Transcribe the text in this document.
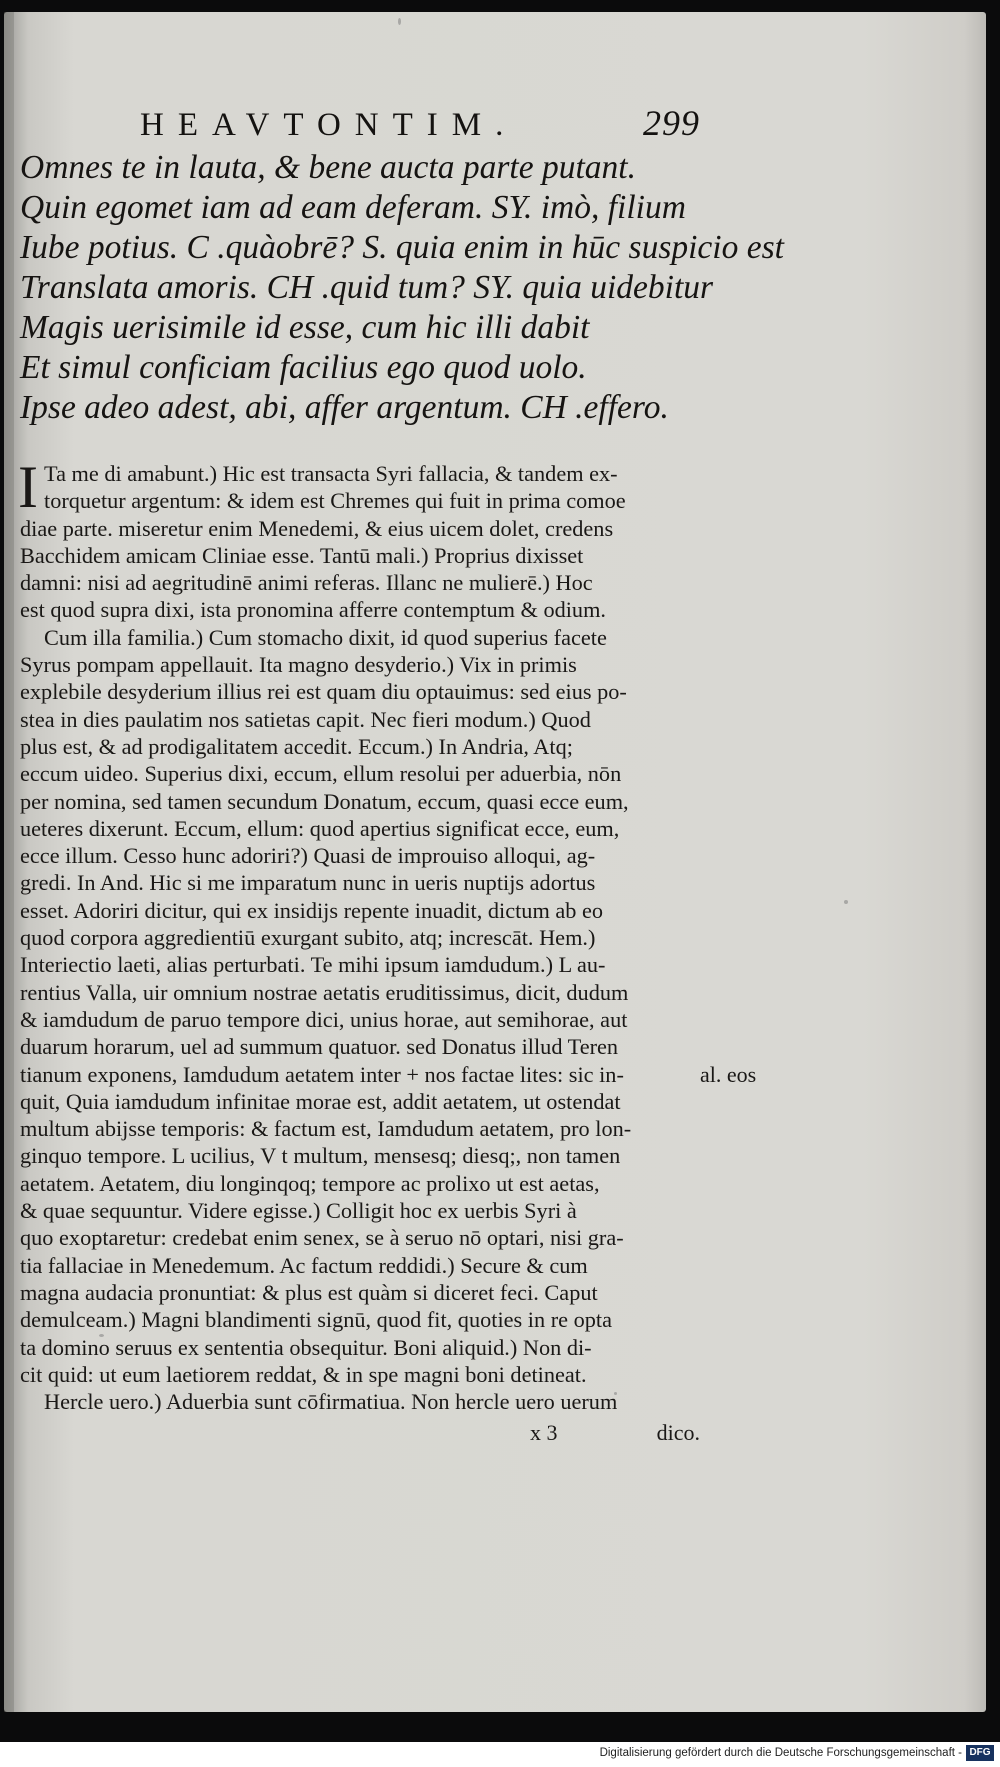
HEAVTONTIM.	299
Omnes te in lauta, & bene aucta parte putant.
Quin egomet iam ad eam deferam. SY. imò, filium
Iube potius. C .quàobrē? S. quia enim in hūc suspicio est
Translata amoris. CH .quid tum? SY. quia uidebitur
Magis uerisimile id esse, cum hic illi dabit
Et simul conficiam facilius ego quod uolo.
Ipse adeo adest, abi, affer argentum. CH .effero.
I Ta me di amabunt.) Hic est transacta Syri fallacia, & tandem ex-
torquetur argentum: & idem est Chremes qui fuit in prima comoe
diae parte. miseretur enim Menedemi, & eius uicem dolet, credens
Bacchidem amicam Cliniae esse. Tantū mali.) Proprius dixisset
damni: nisi ad aegritudinē animi referas. Illanc ne mulierē.) Hoc
est quod supra dixi, ista pronomina afferre contemptum & odium.
Cum illa familia.) Cum stomacho dixit, id quod superius facete
Syrus pompam appellauit. Ita magno desyderio.) Vix in primis
explebile desyderium illius rei est quam diu optauimus: sed eius po-
stea in dies paulatim nos satietas capit. Nec fieri modum.) Quod
plus est, & ad prodigalitatem accedit. Eccum.) In Andria, Atq;
eccum uideo. Superius dixi, eccum, ellum resolui per aduerbia, nōn
per nomina, sed tamen secundum Donatum, eccum, quasi ecce eum,
ueteres dixerunt. Eccum, ellum: quod apertius significat ecce, eum,
ecce illum. Cesso hunc adoriri?) Quasi de improuiso alloqui, ag-
gredi. In And. Hic si me imparatum nunc in ueris nuptijs adortus
esset. Adoriri dicitur, qui ex insidijs repente inuadit, dictum ab eo
quod corpora aggredientiū exurgant subito, atq; increscāt. Hem.)
Interiectio laeti, alias perturbati. Te mihi ipsum iamdudum.) L au-
rentius Valla, uir omnium nostrae aetatis eruditissimus, dicit, dudum
& iamdudum de paruo tempore dici, unius horae, aut semihorae, aut
duarum horarum, uel ad summum quatuor. sed Donatus illud Teren
tianum exponens, Iamdudum aetatem inter + nos factae lites: sic in-
quit, Quia iamdudum infinitae morae est, addit aetatem, ut ostendat
multum abijsse temporis: & factum est, Iamdudum aetatem, pro lon-
ginquo tempore. L ucilius, V t multum, mensesq; diesq;, non tamen
aetatem. Aetatem, diu longinqoq; tempore ac prolixo ut est aetas,
& quae sequuntur. Videre egisse.) Colligit hoc ex uerbis Syri à
quo exoptaretur: credebat enim senex, se à seruo nō optari, nisi gra-
tia fallaciae in Menedemum. Ac factum reddidi.) Secure & cum
magna audacia pronuntiat: & plus est quàm si diceret feci. Caput
demulceam.) Magni blandimenti signū, quod fit, quoties in re opta
ta domino seruus ex sententia obsequitur. Boni aliquid.) Non di-
cit quid: ut eum laetiorem reddat, & in spe magni boni detineat.
Hercle uero.) Aduerbia sunt cōfirmatiua. Non hercle uero uerum
al. eos
x 3	dico.
Digitalisierung gefördert durch die Deutsche Forschungsgemeinschaft - DFG
